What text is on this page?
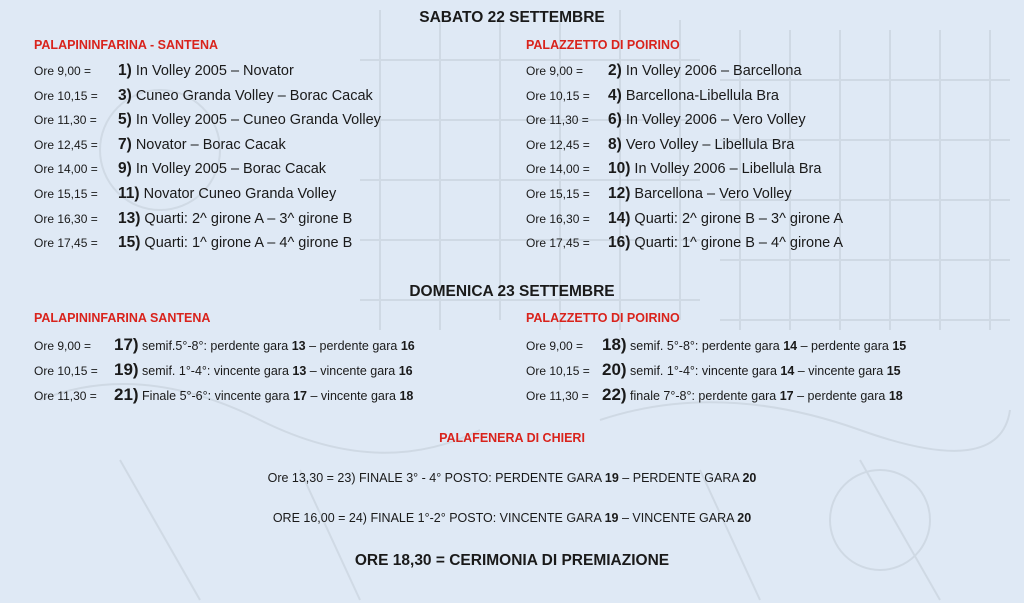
SABATO 22 SETTEMBRE
PALAPININFARINA - SANTENA	PALAZZETTO DI POIRINO
Ore 9,00 = 1) In Volley 2005 – Novator
Ore 10,15 = 3) Cuneo Granda Volley – Borac Cacak
Ore 11,30 = 5) In Volley 2005 – Cuneo Granda Volley
Ore 12,45 = 7) Novator – Borac Cacak
Ore 14,00 = 9) In Volley 2005 – Borac Cacak
Ore 15,15 = 11) Novator Cuneo Granda Volley
Ore 16,30 = 13) Quarti: 2^ girone A – 3^ girone B
Ore 17,45 = 15) Quarti: 1^ girone A – 4^ girone B
Ore 9,00 = 2) In Volley 2006 – Barcellona
Ore 10,15 = 4) Barcellona-Libellula Bra
Ore 11,30 = 6) In Volley 2006 – Vero Volley
Ore 12,45 = 8) Vero Volley – Libellula Bra
Ore 14,00 = 10) In Volley 2006 – Libellula Bra
Ore 15,15 = 12) Barcellona – Vero Volley
Ore 16,30 = 14) Quarti: 2^ girone B – 3^ girone A
Ore 17,45 = 16) Quarti: 1^ girone B – 4^ girone A
DOMENICA 23 SETTEMBRE
PALAPININFARINA SANTENA	PALAZZETTO DI POIRINO
Ore 9,00 = 17) semif.5°-8°: perdente gara 13 – perdente gara 16
Ore 10,15 = 19) semif. 1°-4°: vincente gara 13 – vincente gara 16
Ore 11,30 = 21) Finale 5°-6°: vincente gara 17 – vincente gara 18
Ore 9,00 = 18) semif. 5°-8°: perdente gara 14 – perdente gara 15
Ore 10,15 = 20) semif. 1°-4°: vincente gara 14 – vincente gara 15
Ore 11,30 = 22) finale 7°-8°: perdente gara 17 – perdente gara 18
PALAFENERA DI CHIERI
Ore 13,30 = 23) FINALE 3° - 4° POSTO: PERDENTE GARA 19 – PERDENTE GARA 20
ORE 16,00 = 24) FINALE 1°-2° POSTO: VINCENTE GARA 19 – VINCENTE GARA 20
ORE 18,30 = CERIMONIA DI PREMIAZIONE
